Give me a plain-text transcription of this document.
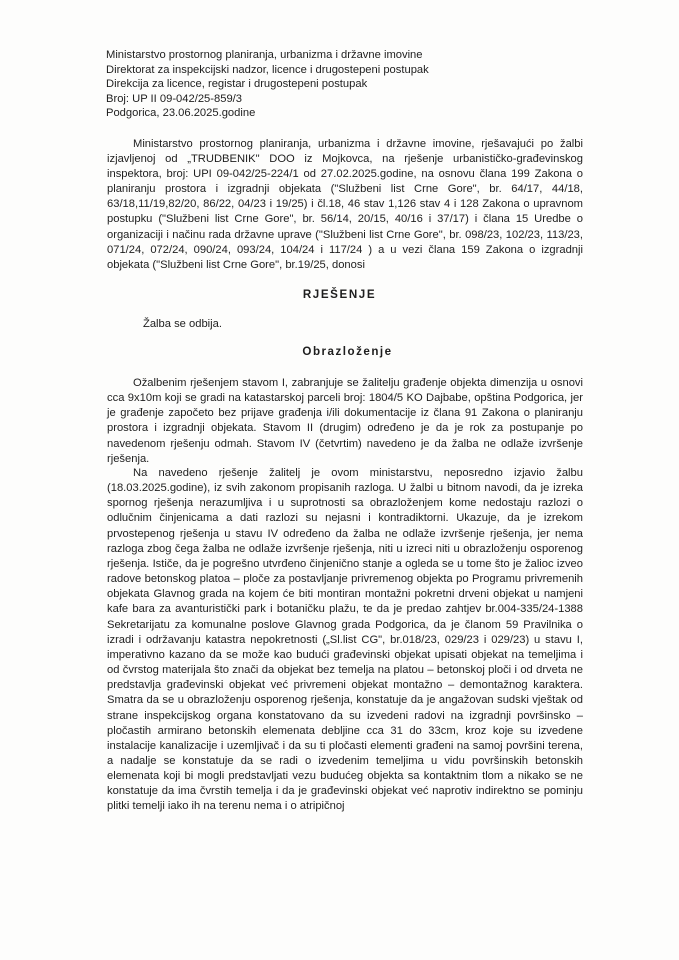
Ministarstvo prostornog planiranja, urbanizma i državne imovine
Direktorat za inspekcijski nadzor, licence i drugostepeni postupak
Direkcija za licence, registar i drugostepeni postupak
Broj: UP II 09-042/25-859/3
Podgorica, 23.06.2025.godine

Ministarstvo prostornog planiranja, urbanizma i državne imovine, rješavajući po žalbi izjavljenoj od „TRUDBENIK" DOO iz Mojkovca, na rješenje urbanističko-građevinskog inspektora, broj: UPI 09-042/25-224/1 od 27.02.2025.godine, na osnovu člana 199 Zakona o planiranju prostora i izgradnji objekata ("Službeni list Crne Gore", br. 64/17, 44/18, 63/18,11/19,82/20, 86/22, 04/23 i 19/25) i čl.18, 46 stav 1,126 stav 4 i 128 Zakona o upravnom postupku ("Službeni list Crne Gore", br. 56/14, 20/15, 40/16 i 37/17) i člana 15 Uredbe o organizaciji i načinu rada državne uprave ("Službeni list Crne Gore", br. 098/23, 102/23, 113/23, 071/24, 072/24, 090/24, 093/24, 104/24 i 117/24 ) a u vezi člana 159 Zakona o izgradnji objekata ("Službeni list Crne Gore", br.19/25, donosi

RJEŠENJE

Žalba se odbija.

Obrazloženje

Ožalbenim rješenjem stavom I, zabranjuje se žalitelju građenje objekta dimenzija u osnovi cca 9x10m koji se gradi na katastarskoj parceli broj: 1804/5 KO Dajbabe, opština Podgorica, jer je građenje započeto bez prijave građenja i/ili dokumentacije iz člana 91 Zakona o planiranju prostora i izgradnji objekata. Stavom II (drugim) određeno je da je rok za postupanje po navedenom rješenju odmah. Stavom IV (četvrtim) navedeno je da žalba ne odlaže izvršenje rješenja.

Na navedeno rješenje žalitelj je ovom ministarstvu, neposredno izjavio žalbu (18.03.2025.godine), iz svih zakonom propisanih razloga. U žalbi u bitnom navodi, da je izreka spornog rješenja nerazumljiva i u suprotnosti sa obrazloženjem kome nedostaju razlozi o odlučnim činjenicama a dati razlozi su nejasni i kontradiktorni. Ukazuje, da je izrekom prvostepenog rješenja u stavu IV određeno da žalba ne odlaže izvršenje rješenja, jer nema razloga zbog čega žalba ne odlaže izvršenje rješenja, niti u izreci niti u obrazloženju osporenog rješenja. Ističe, da je pogrešno utvrđeno činjenično stanje a ogleda se u tome što je žalioc izveo radove betonskog platoa – ploče za postavljanje privremenog objekta po Programu privremenih objekata Glavnog grada na kojem će biti montiran montažni pokretni drveni objekat u namjeni kafe bara za avanturistički park i botaničku plažu, te da je predao zahtjev br.004-335/24-1388 Sekretarijatu za komunalne poslove Glavnog grada Podgorica, da je članom 59 Pravilnika o izradi i održavanju katastra nepokretnosti („Sl.list CG", br.018/23, 029/23 i 029/23) u stavu I, imperativno kazano da se može kao budući građevinski objekat upisati objekat na temeljima i od čvrstog materijala što znači da objekat bez temelja na platou – betonskoj ploči i od drveta ne predstavlja građevinski objekat već privremeni objekat montažno – demontažnog karaktera. Smatra da se u obrazloženju osporenog rješenja, konstatuje da je angažovan sudski vještak od strane inspekcijskog organa konstatovano da su izvedeni radovi na izgradnji površinsko – pločastih armirano betonskih elemenata debljine cca 31 do 33cm, kroz koje su izvedene instalacije kanalizacije i uzemljivač i da su ti pločasti elementi građeni na samoj površini terena, a nadalje se konstatuje da se radi o izvedenim temeljima u vidu površinskih betonskih elemenata koji bi mogli predstavljati vezu budućeg objekta sa kontaktnim tlom a nikako se ne konstatuje da ima čvrstih temelja i da je građevinski objekat već naprotiv indirektno se pominju plitki temelji iako ih na terenu nema i o atripičnoj
